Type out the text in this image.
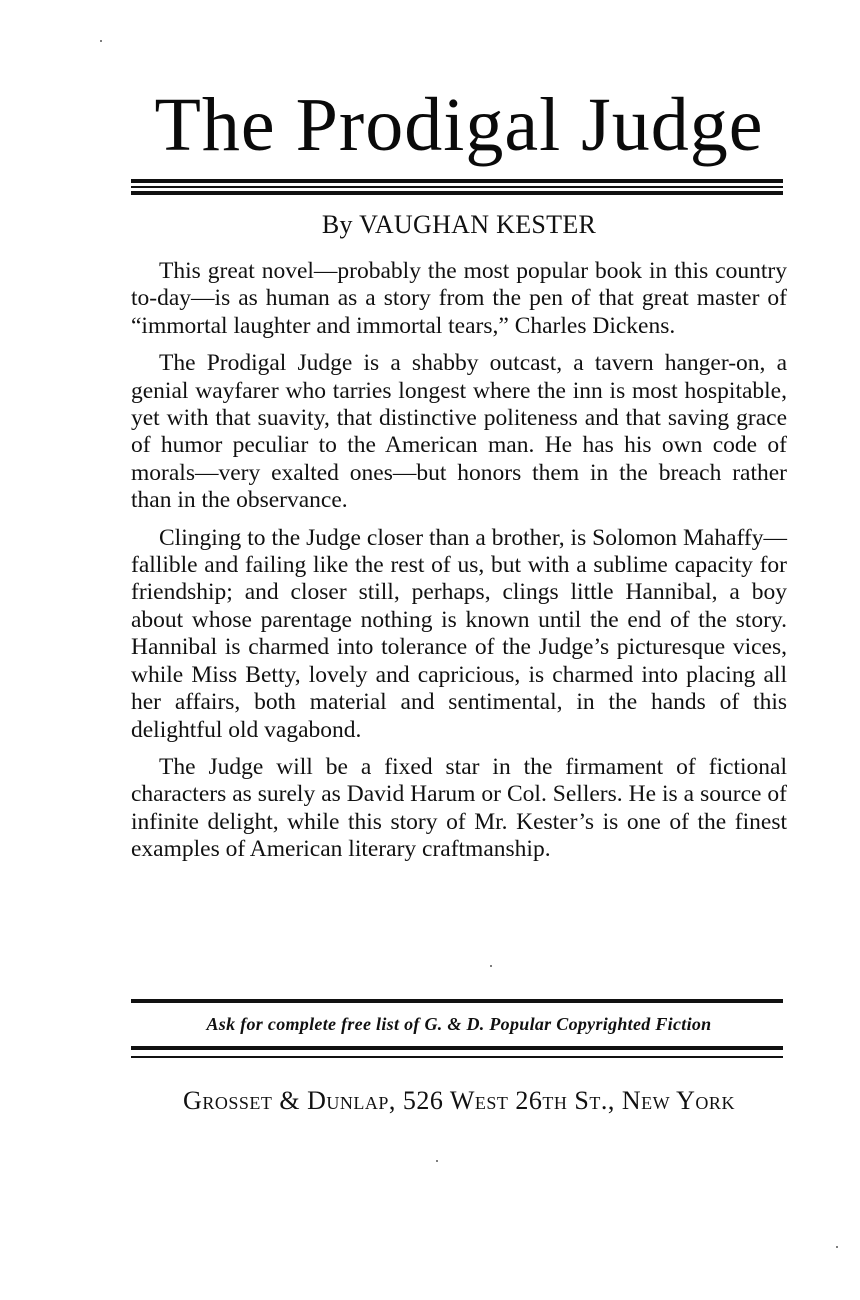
The Prodigal Judge

By VAUGHAN KESTER

This great novel—probably the most popular book in this country to-day—is as human as a story from the pen of that great master of “immortal laughter and immortal tears,” Charles Dickens.

The Prodigal Judge is a shabby outcast, a tavern hanger-on, a genial wayfarer who tarries longest where the inn is most hospitable, yet with that suavity, that distinctive politeness and that saving grace of humor peculiar to the American man. He has his own code of morals—very exalted ones—but honors them in the breach rather than in the observance.

Clinging to the Judge closer than a brother, is Solomon Mahaffy—fallible and failing like the rest of us, but with a sublime capacity for friendship; and closer still, perhaps, clings little Hannibal, a boy about whose parentage nothing is known until the end of the story. Hannibal is charmed into tolerance of the Judge’s picturesque vices, while Miss Betty, lovely and capricious, is charmed into placing all her affairs, both material and sentimental, in the hands of this delightful old vagabond.

The Judge will be a fixed star in the firmament of fictional characters as surely as David Harum or Col. Sellers. He is a source of infinite delight, while this story of Mr. Kester’s is one of the finest examples of American literary craftmanship.

Ask for complete free list of G. & D. Popular Copyrighted Fiction

Grosset & Dunlap, 526 West 26th St., New York
